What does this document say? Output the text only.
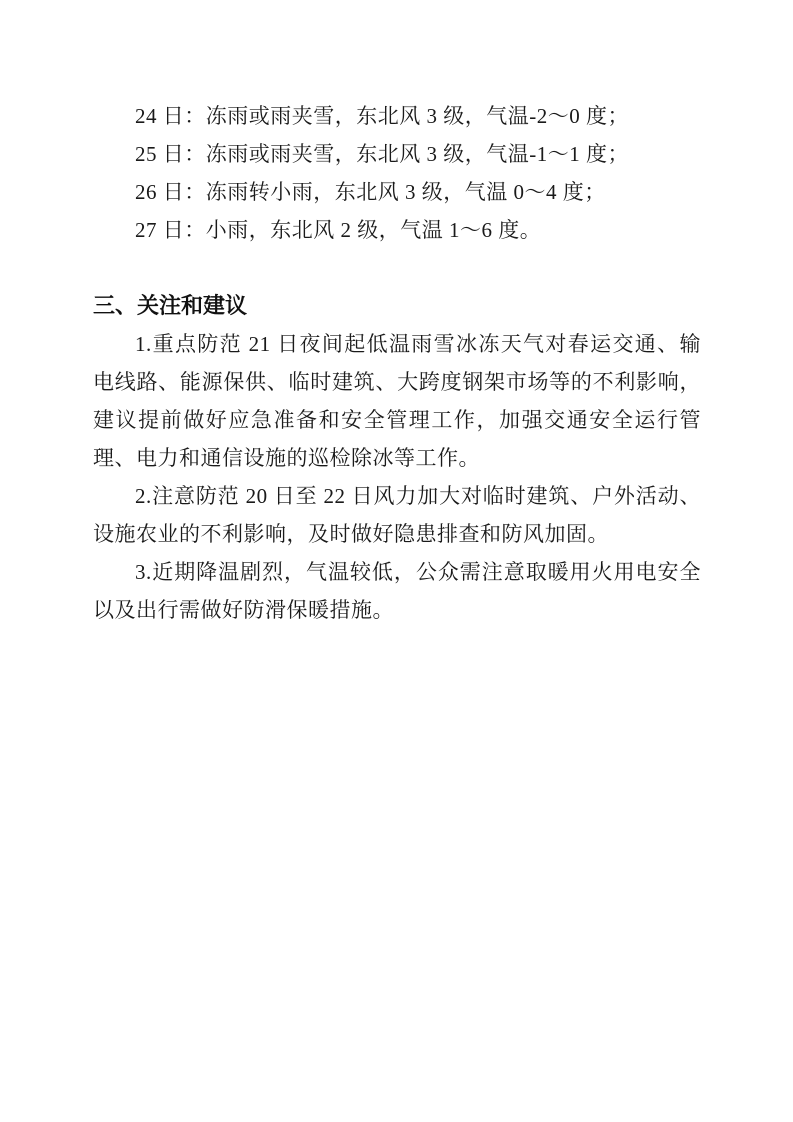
24 日：冻雨或雨夹雪，东北风 3 级，气温-2～0 度；

25 日：冻雨或雨夹雪，东北风 3 级，气温-1～1 度；

26 日：冻雨转小雨，东北风 3 级，气温 0～4 度；

27 日：小雨，东北风 2 级，气温 1～6 度。

三、关注和建议

1.重点防范 21 日夜间起低温雨雪冰冻天气对春运交通、输电线路、能源保供、临时建筑、大跨度钢架市场等的不利影响，建议提前做好应急准备和安全管理工作，加强交通安全运行管理、电力和通信设施的巡检除冰等工作。

2.注意防范 20 日至 22 日风力加大对临时建筑、户外活动、设施农业的不利影响，及时做好隐患排查和防风加固。

3.近期降温剧烈，气温较低，公众需注意取暖用火用电安全以及出行需做好防滑保暖措施。
